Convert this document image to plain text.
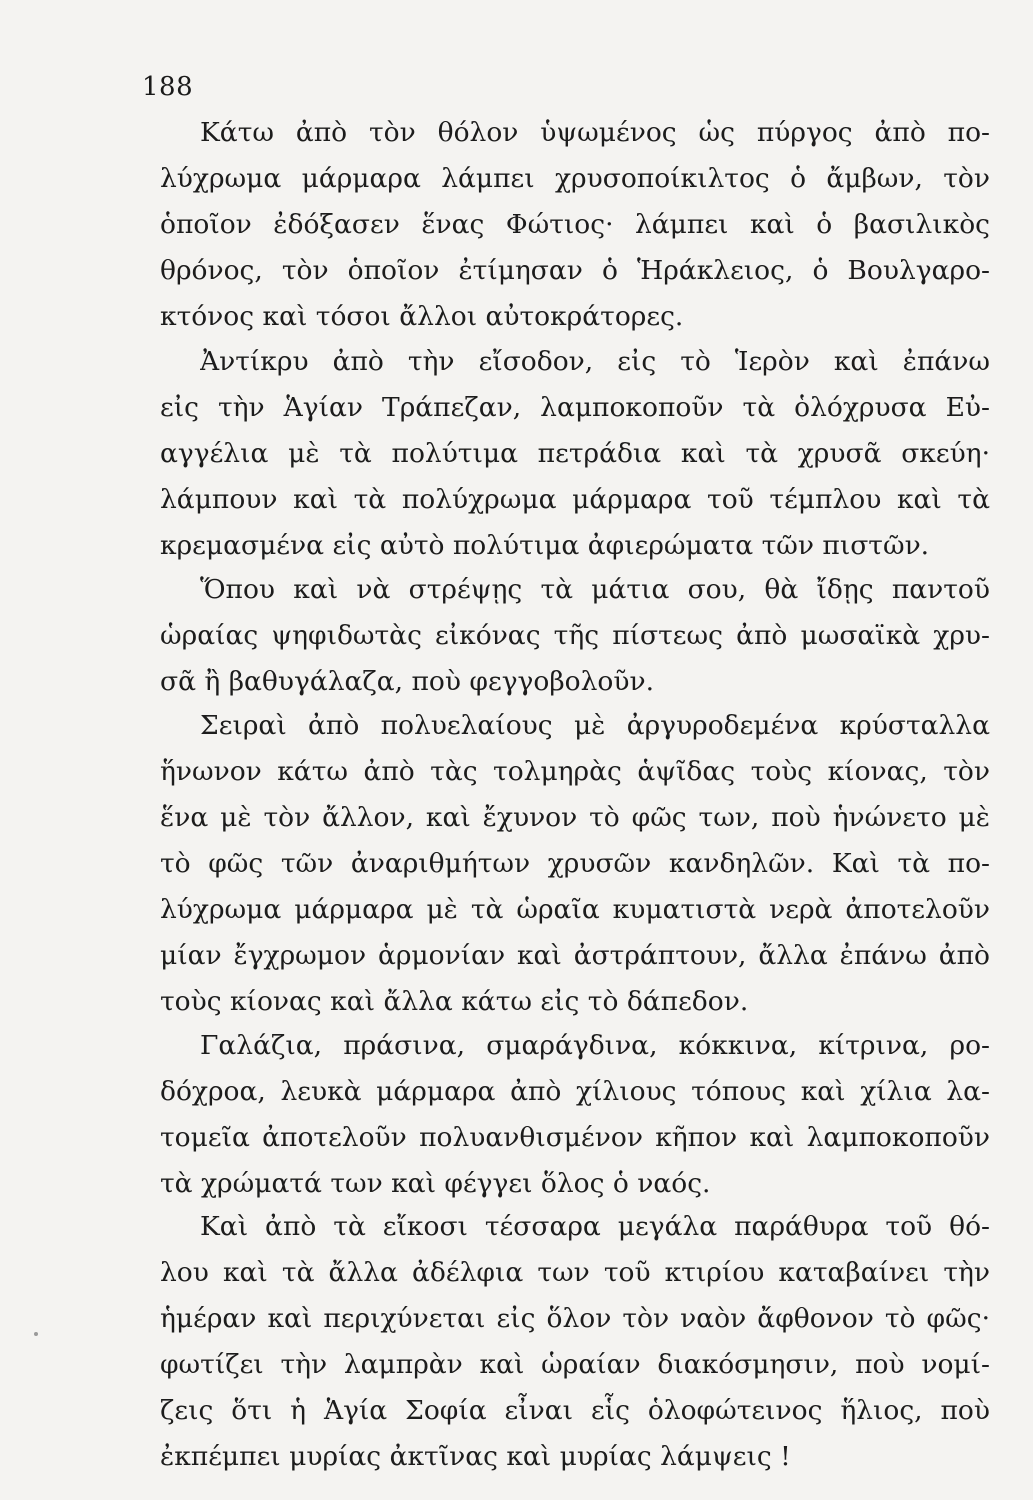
188
Κάτω ἀπὸ τὸν θόλον ὑψωμένος ὡς πύργος ἀπὸ πο-
λύχρωμα μάρμαρα λάμπει χρυσοποίκιλτος ὁ ἄμβων, τὸν
ὁποῖον ἐδόξασεν ἕνας Φώτιος· λάμπει καὶ ὁ βασιλικὸς
θρόνος, τὸν ὁποῖον ἐτίμησαν ὁ Ἡράκλειος, ὁ Βουλγαρο-
κτόνος καὶ τόσοι ἄλλοι αὐτοκράτορες.
Ἀντίκρυ ἀπὸ τὴν εἴσοδον, εἰς τὸ Ἱερὸν καὶ ἐπάνω
εἰς τὴν Ἁγίαν Τράπεζαν, λαμποκοποῦν τὰ ὁλόχρυσα Εὐ-
αγγέλια μὲ τὰ πολύτιμα πετράδια καὶ τὰ χρυσᾶ σκεύη·
λάμπουν καὶ τὰ πολύχρωμα μάρμαρα τοῦ τέμπλου καὶ τὰ
κρεμασμένα εἰς αὐτὸ πολύτιμα ἀφιερώματα τῶν πιστῶν.
Ὅπου καὶ νὰ στρέψῃς τὰ μάτια σου, θὰ ἴδῃς παντοῦ
ὡραίας ψηφιδωτὰς εἰκόνας τῆς πίστεως ἀπὸ μωσαϊκὰ χρυ-
σᾶ ἢ βαθυγάλαζα, ποὺ φεγγοβολοῦν.
Σειραὶ ἀπὸ πολυελαίους μὲ ἀργυροδεμένα κρύσταλλα
ἥνωνον κάτω ἀπὸ τὰς τολμηρὰς ἁψῖδας τοὺς κίονας, τὸν
ἕνα μὲ τὸν ἄλλον, καὶ ἔχυνον τὸ φῶς των, ποὺ ἡνώνετο μὲ
τὸ φῶς τῶν ἀναριθμήτων χρυσῶν κανδηλῶν. Καὶ τὰ πο-
λύχρωμα μάρμαρα μὲ τὰ ὡραῖα κυματιστὰ νερὰ ἀποτελοῦν
μίαν ἔγχρωμον ἁρμονίαν καὶ ἀστράπτουν, ἄλλα ἐπάνω ἀπὸ
τοὺς κίονας καὶ ἄλλα κάτω εἰς τὸ δάπεδον.
Γαλάζια, πράσινα, σμαράγδινα, κόκκινα, κίτρινα, ρο-
δόχροα, λευκὰ μάρμαρα ἀπὸ χίλιους τόπους καὶ χίλια λα-
τομεῖα ἀποτελοῦν πολυανθισμένον κῆπον καὶ λαμποκοποῦν
τὰ χρώματά των καὶ φέγγει ὅλος ὁ ναός.
Καὶ ἀπὸ τὰ εἴκοσι τέσσαρα μεγάλα παράθυρα τοῦ θό-
λου καὶ τὰ ἄλλα ἀδέλφια των τοῦ κτιρίου καταβαίνει τὴν
ἡμέραν καὶ περιχύνεται εἰς ὅλον τὸν ναὸν ἄφθονον τὸ φῶς·
φωτίζει τὴν λαμπρὰν καὶ ὡραίαν διακόσμησιν, ποὺ νομί-
ζεις ὅτι ἡ Ἁγία Σοφία εἶναι εἷς ὁλοφώτεινος ἥλιος, ποὺ
ἐκπέμπει μυρίας ἀκτῖνας καὶ μυρίας λάμψεις !
